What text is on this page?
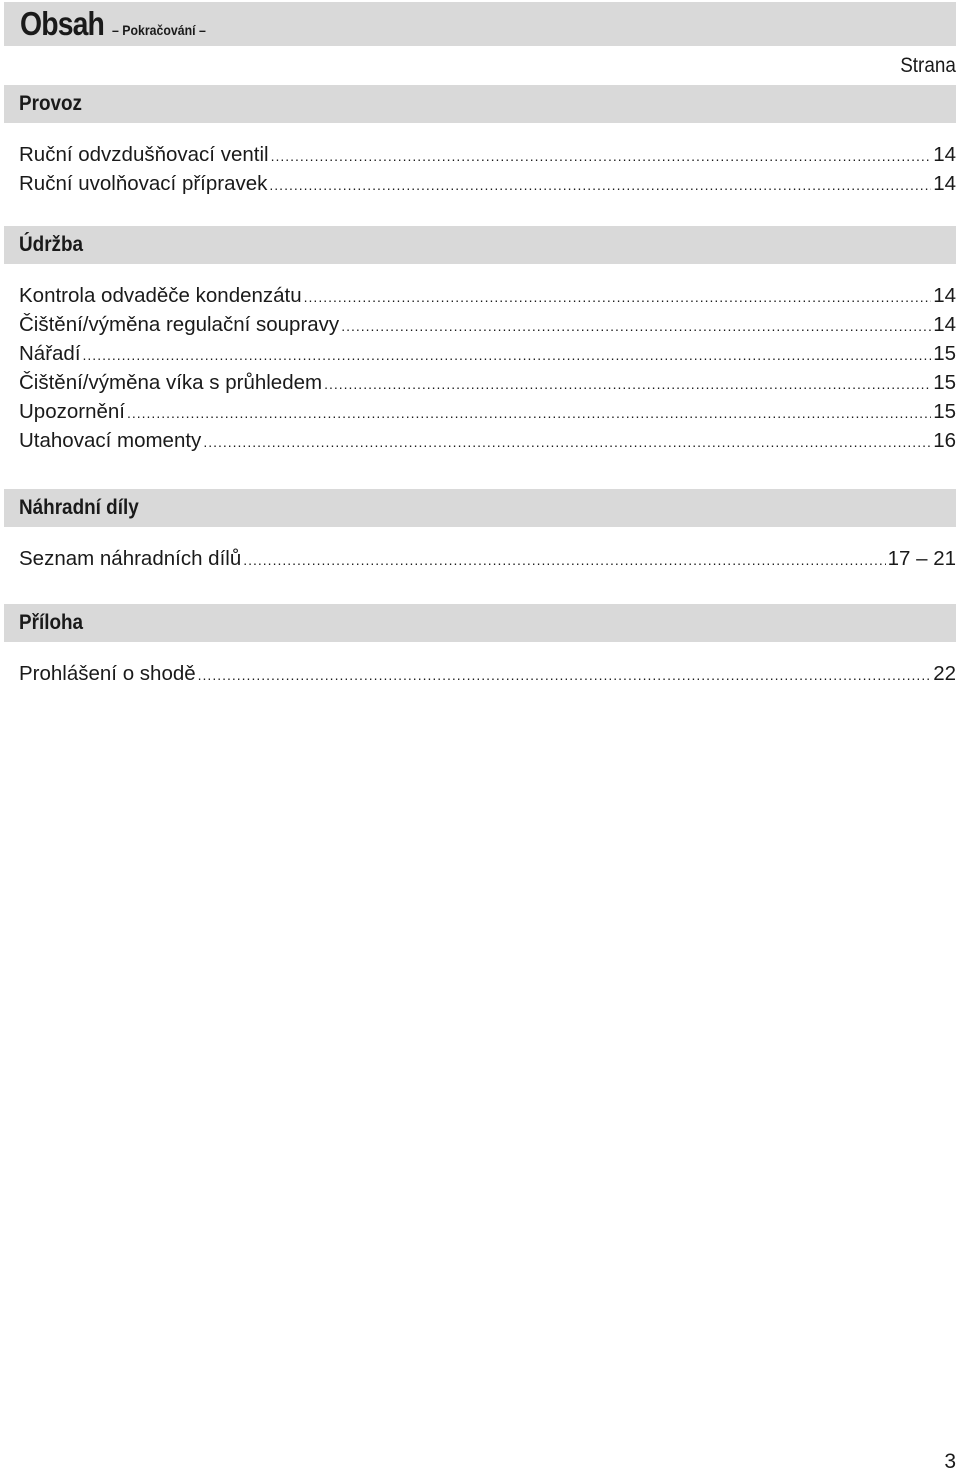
Obsah – Pokračování –
Strana
Provoz
Ruční odvzdušňovací ventil .....	14
Ruční uvolňovací přípravek .....	14
Údržba
Kontrola odvaděče kondenzátu .....	14
Čištění/výměna regulační soupravy .....	14
Nářadí .....	15
Čištění/výměna víka s průhledem .....	15
Upozornění .....	15
Utahovací momenty .....	16
Náhradní díly
Seznam náhradních dílů .....	17 – 21
Příloha
Prohlášení o shodě .....	22
3
